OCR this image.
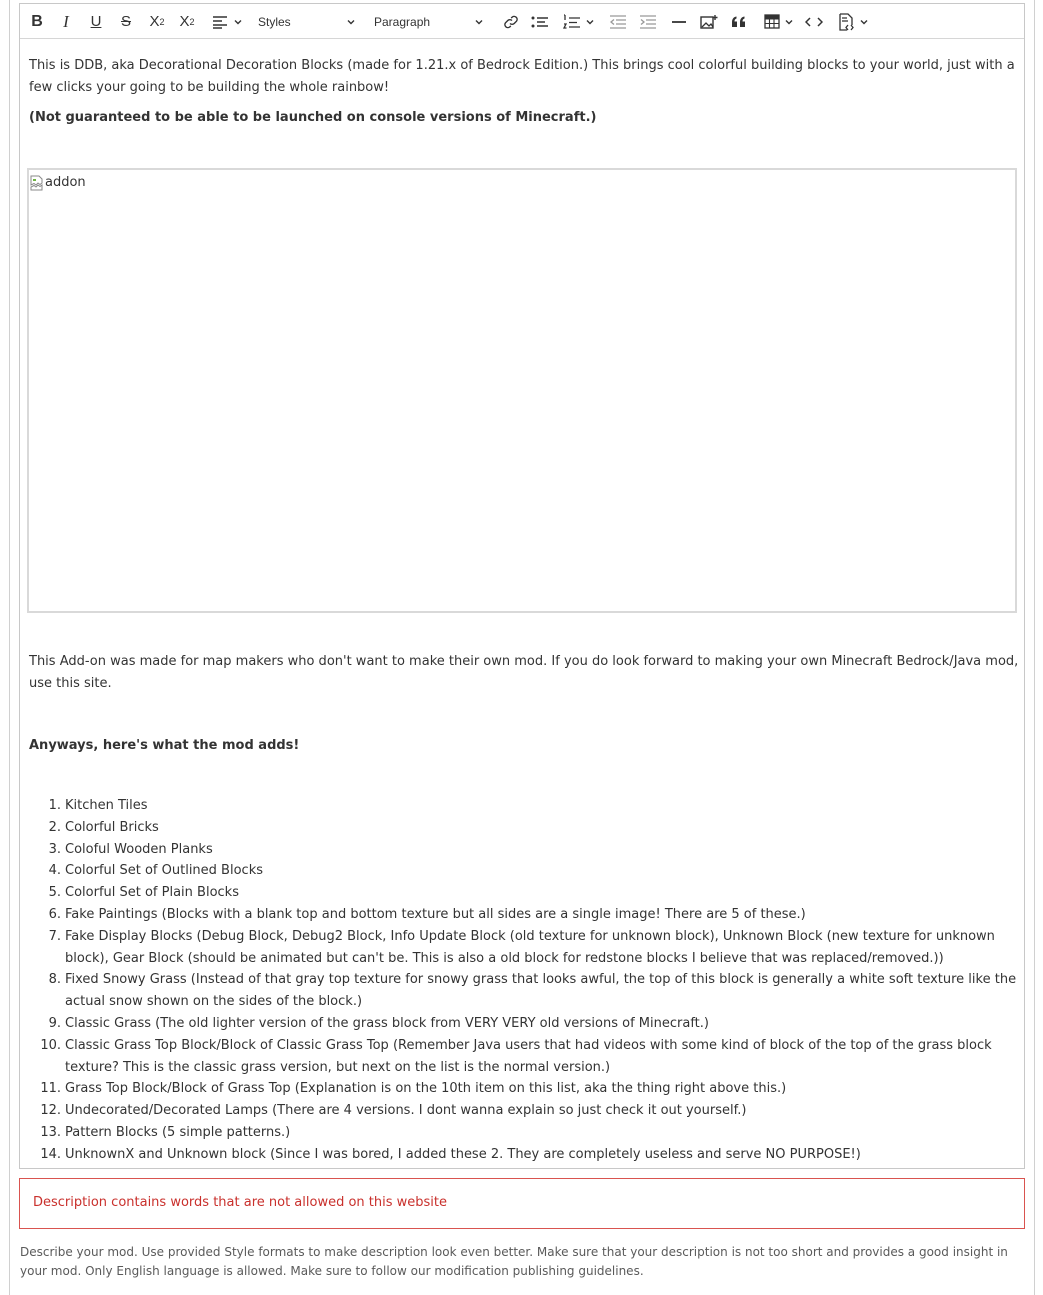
B	I	U	S	X 2 X 2	Styles	Paragraph

This is DDB, aka Decorational Decoration Blocks (made for 1.21.x of Bedrock Edition.) This brings cool colorful building blocks to your world, just with a few clicks your going to be building the whole rainbow!

(Not guaranteed to be able to be launched on console versions of Minecraft.)

addon

This Add-on was made for map makers who don't want to make their own mod. If you do look forward to making your own Minecraft Bedrock/Java mod, use this site.

Anyways, here's what the mod adds!

1. Kitchen Tiles
2. Colorful Bricks
3. Coloful Wooden Planks
4. Colorful Set of Outlined Blocks
5. Colorful Set of Plain Blocks
6. Fake Paintings (Blocks with a blank top and bottom texture but all sides are a single image! There are 5 of these.)
7. Fake Display Blocks (Debug Block, Debug2 Block, Info Update Block (old texture for unknown block), Unknown Block (new texture for unknown block), Gear Block (should be animated but can't be. This is also a old block for redstone blocks I believe that was replaced/removed.))
8. Fixed Snowy Grass (Instead of that gray top texture for snowy grass that looks awful, the top of this block is generally a white soft texture like the actual snow shown on the sides of the block.)
9. Classic Grass (The old lighter version of the grass block from VERY VERY old versions of Minecraft.)
10. Classic Grass Top Block/Block of Classic Grass Top (Remember Java users that had videos with some kind of block of the top of the grass block texture? This is the classic grass version, but next on the list is the normal version.)
11. Grass Top Block/Block of Grass Top (Explanation is on the 10th item on this list, aka the thing right above this.)
12. Undecorated/Decorated Lamps (There are 4 versions. I dont wanna explain so just check it out yourself.)
13. Pattern Blocks (5 simple patterns.)
14. UnknownX and Unknown block (Since I was bored, I added these 2. They are completely useless and serve NO PURPOSE!)
Description contains words that are not allowed on this website

Describe your mod. Use provided Style formats to make description look even better. Make sure that your description is not too short and provides a good insight in your mod. Only English language is allowed. Make sure to follow our modification publishing guidelines.
